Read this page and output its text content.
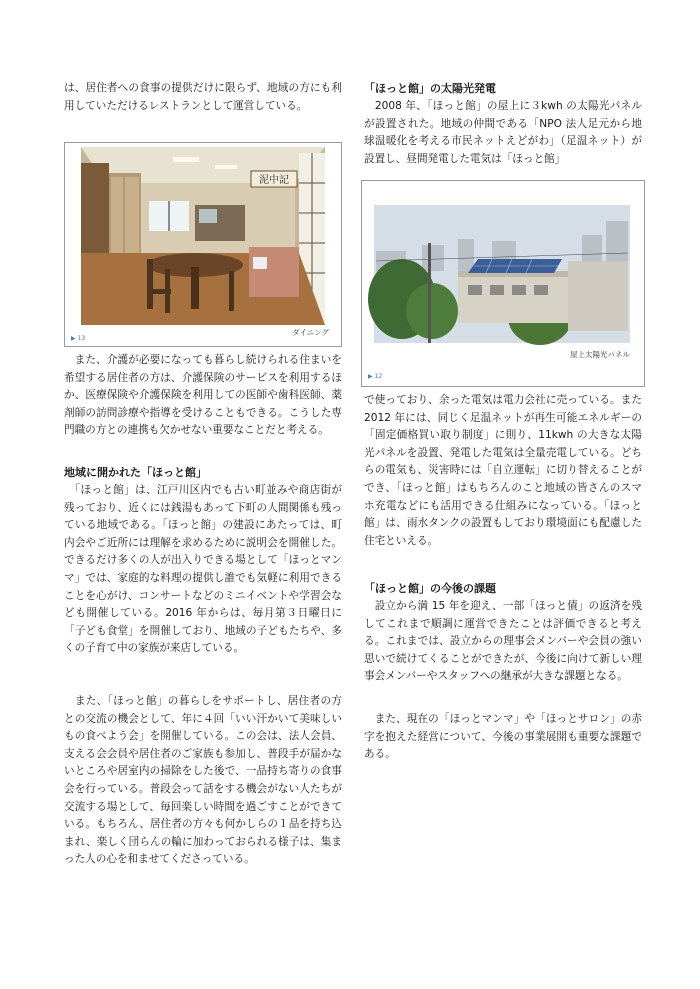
は、居住者への食事の提供だけに限らず、地域の方にも利用していただけるレストランとして運営している。

泥中記
ダイニング
▶ 13

　また、介護が必要になっても暮らし続けられる住まいを希望する居住者の方は、介護保険のサービスを利用するほか、医療保険や介護保険を利用しての医師や歯科医師、薬剤師の訪問診療や指導を受けることもできる。こうした専門職の方との連携も欠かせない重要なことだと考える。

地域に開かれた「ほっと館」

　「ほっと館」は、江戸川区内でも古い町並みや商店街が残っており、近くには銭湯もあって下町の人間関係も残っている地域である。「ほっと館」の建設にあたっては、町内会やご近所には理解を求めるために説明会を開催した。できるだけ多くの人が出入りできる場として「ほっとマンマ」では、家庭的な料理の提供し誰でも気軽に利用できることを心がけ、コンサートなどのミニイベントや学習会なども開催している。2016 年からは、毎月第３日曜日に「子ども食堂」を開催しており、地域の子どもたちや、多くの子育て中の家族が来店している。

　また、「ほっと館」の暮らしをサポートし、居住者の方との交流の機会として、年に４回「いい汗かいて美味しいもの食べよう会」を開催している。この会は、法人会員、支える会会員や居住者のご家族も参加し、普段手が届かないところや居室内の掃除をした後で、一品持ち寄りの食事会を行っている。普段会って話をする機会がない人たちが交流する場として、毎回楽しい時間を過ごすことができている。もちろん、居住者の方々も何かしらの１品を持ち込まれ、楽しく団らんの輪に加わっておられる様子は、集まった人の心を和ませてくださっている。

「ほっと館」の太陽光発電

　2008 年、「ほっと館」の屋上に３kwh の太陽光パネルが設置された。地域の仲間である「NPO 法人足元から地球温暖化を考える市民ネットえどがわ」（足温ネット）が設置し、昼間発電した電気は「ほっと館」

屋上太陽光パネル
▶ 12

で使っており、余った電気は電力会社に売っている。また 2012 年には、同じく足温ネットが再生可能エネルギーの「固定価格買い取り制度」に則り、11kwh の大きな太陽光パネルを設置、発電した電気は全量売電している。どちらの電気も、災害時には「自立運転」に切り替えることができ、「ほっと館」はもちろんのこと地域の皆さんのスマホ充電などにも活用できる仕組みになっている。「ほっと館」は、雨水タンクの設置もしており環境面にも配慮した住宅といえる。

「ほっと館」の今後の課題

　設立から満 15 年を迎え、一部「ほっと債」の返済を残してこれまで順調に運営できたことは評価できると考える。これまでは、設立からの理事会メンバーや会員の強い思いで続けてくることができたが、今後に向けて新しい理事会メンバーやスタッフへの継承が大きな課題となる。

　また、現在の「ほっとマンマ」や「ほっとサロン」の赤字を抱えた経営について、今後の事業展開も重要な課題である。
